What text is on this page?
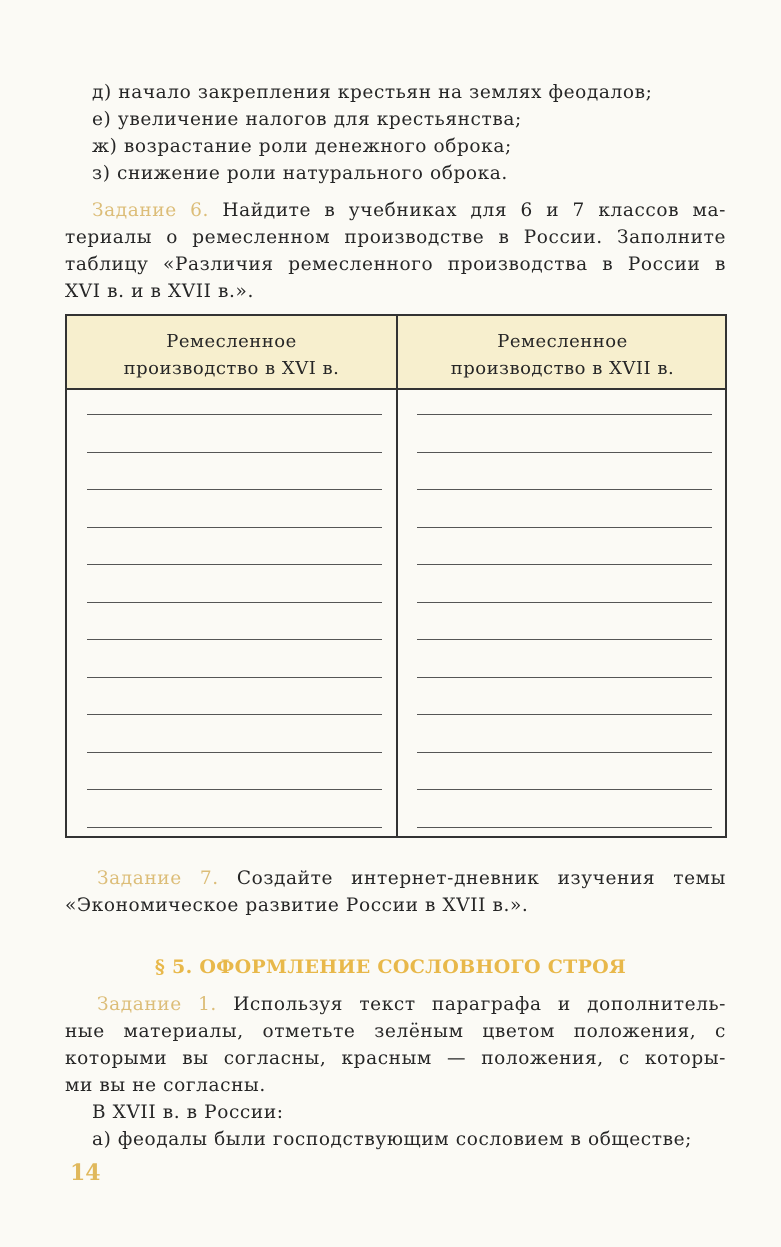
д) начало закрепления крестьян на землях феодалов;
е) увеличение налогов для крестьянства;
ж) возрастание роли денежного оброка;
з) снижение роли натурального оброка.
Задание 6. Найдите в учебниках для 6 и 7 классов ма-
териалы о ремесленном производстве в России. Заполните
таблицу «Различия ремесленного производства в России в
XVI в. и в XVII в.».
Ремесленное
производство в XVI в.
Ремесленное
производство в XVII в.
Задание 7. Создайте интернет-дневник изучения темы
«Экономическое развитие России в XVII в.».
§ 5. ОФОРМЛЕНИЕ СОСЛОВНОГО СТРОЯ
Задание 1. Используя текст параграфа и дополнитель-
ные материалы, отметьте зелёным цветом положения, с
которыми вы согласны, красным — положения, с которы-
ми вы не согласны.
В XVII в. в России:
а) феодалы были господствующим сословием в обществе;
14
